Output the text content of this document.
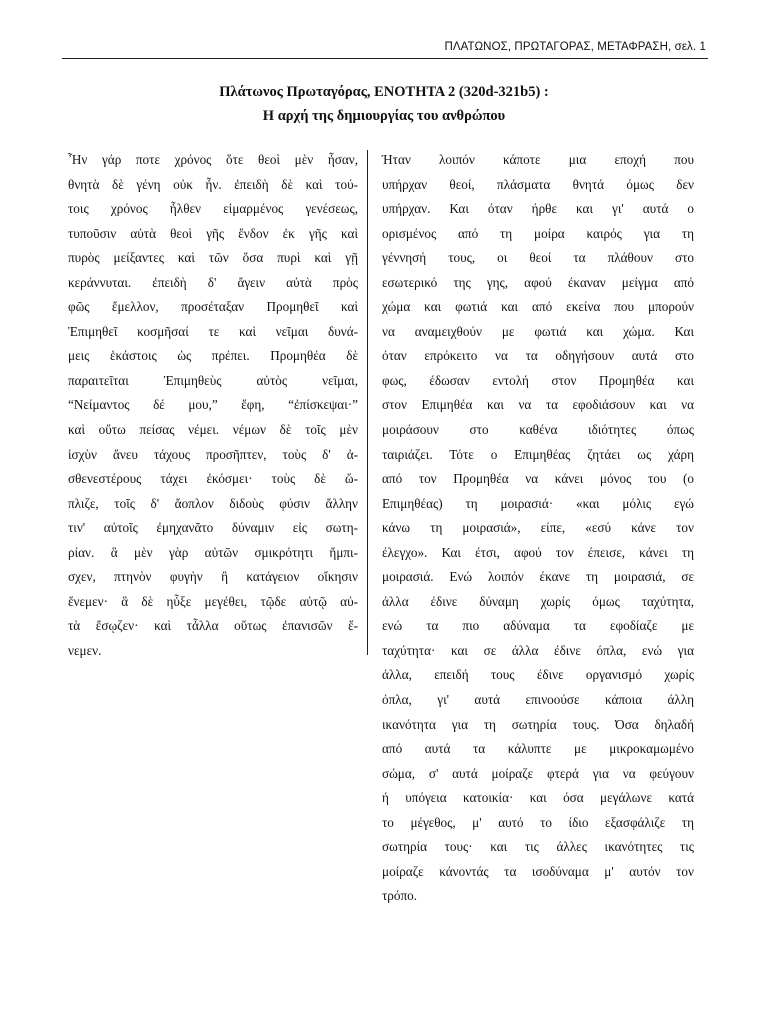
ΠΛΑΤΩΝΟΣ, ΠΡΩΤΑΓΟΡΑΣ, ΜΕΤΑΦΡΑΣΗ, σελ. 1
Πλάτωνος Πρωταγόρας, ΕΝΟΤΗΤΑ 2 (320d-321b5) :
Η αρχή της δημιουργίας του ανθρώπου
Ἦν γάρ ποτε χρόνος ὅτε θεοὶ μὲν ἦσαν,
θνητὰ δὲ γένη οὐκ ἦν. ἐπειδὴ δὲ καὶ τού-
τοις χρόνος ἦλθεν εἱμαρμένος γενέσεως,
τυποῦσιν αὐτὰ θεοὶ γῆς ἔνδον ἐκ γῆς καὶ
πυρὸς μείξαντες καὶ τῶν ὅσα πυρὶ καὶ γῇ
κεράννυται. ἐπειδὴ δ' ἄγειν αὐτὰ πρὸς
φῶς ἔμελλον, προσέταξαν Προμηθεῖ καὶ
Ἐπιμηθεῖ κοσμῆσαί τε καὶ νεῖμαι δυνά-
μεις ἑκάστοις ὡς πρέπει. Προμηθέα δὲ
παραιτεῖται Ἐπιμηθεὺς αὐτὸς νεῖμαι,
“Νείμαντος δέ μου,” ἔφη, “ἐπίσκεψαι·”
καὶ οὕτω πείσας νέμει. νέμων δὲ τοῖς μὲν
ἰσχὺν ἄνευ τάχους προσῆπτεν, τοὺς δ' ἀ-
σθενεστέρους τάχει ἐκόσμει· τοὺς δὲ ὥ-
πλιζε, τοῖς δ' ἄοπλον διδοὺς φύσιν ἄλλην
τιν' αὐτοῖς ἐμηχανᾶτο δύναμιν εἰς σωτη-
ρίαν. ἃ μὲν γὰρ αὐτῶν σμικρότητι ἤμπι-
σχεν, πτηνὸν φυγὴν ἢ κατάγειον οἴκησιν
ἔνεμεν· ἃ δὲ ηὖξε μεγέθει, τῷδε αὐτῷ αὐ-
τὰ ἔσῳζεν· καὶ τἆλλα οὕτως ἐπανισῶν ἔ-
νεμεν.
Ήταν λοιπόν κάποτε μια εποχή που
υπήρχαν θεοί, πλάσματα θνητά όμως δεν
υπήρχαν. Και όταν ήρθε και γι' αυτά ο
ορισμένος από τη μοίρα καιρός για τη
γέννησή τους, οι θεοί τα πλάθουν στο
εσωτερικό της γης, αφού έκαναν μείγμα από
χώμα και φωτιά και από εκείνα που μπορούν
να αναμειχθούν με φωτιά και χώμα. Και
όταν επρόκειτο να τα οδηγήσουν αυτά στο
φως, έδωσαν εντολή στον Προμηθέα και
στον Επιμηθέα και να τα εφοδιάσουν και να
μοιράσουν στο καθένα ιδιότητες όπως
ταιριάζει. Τότε ο Επιμηθέας ζητάει ως χάρη
από τον Προμηθέα να κάνει μόνος του (ο
Επιμηθέας) τη μοιρασιά· «και μόλις εγώ
κάνω τη μοιρασιά», είπε, «εσύ κάνε τον
έλεγχο». Και έτσι, αφού τον έπεισε, κάνει τη
μοιρασιά. Ενώ λοιπόν έκανε τη μοιρασιά, σε
άλλα έδινε δύναμη χωρίς όμως ταχύτητα,
ενώ τα πιο αδύναμα τα εφοδίαζε με
ταχύτητα· και σε άλλα έδινε όπλα, ενώ για
άλλα, επειδή τους έδινε οργανισμό χωρίς
όπλα, γι' αυτά επινοούσε κάποια άλλη
ικανότητα για τη σωτηρία τους. Όσα δηλαδή
από αυτά τα κάλυπτε με μικροκαμωμένο
σώμα, σ' αυτά μοίραζε φτερά για να φεύγουν
ή υπόγεια κατοικία· και όσα μεγάλωνε κατά
το μέγεθος, μ' αυτό το ίδιο εξασφάλιζε τη
σωτηρία τους· και τις άλλες ικανότητες τις
μοίραζε κάνοντάς τα ισοδύναμα μ' αυτόν τον
τρόπο.
